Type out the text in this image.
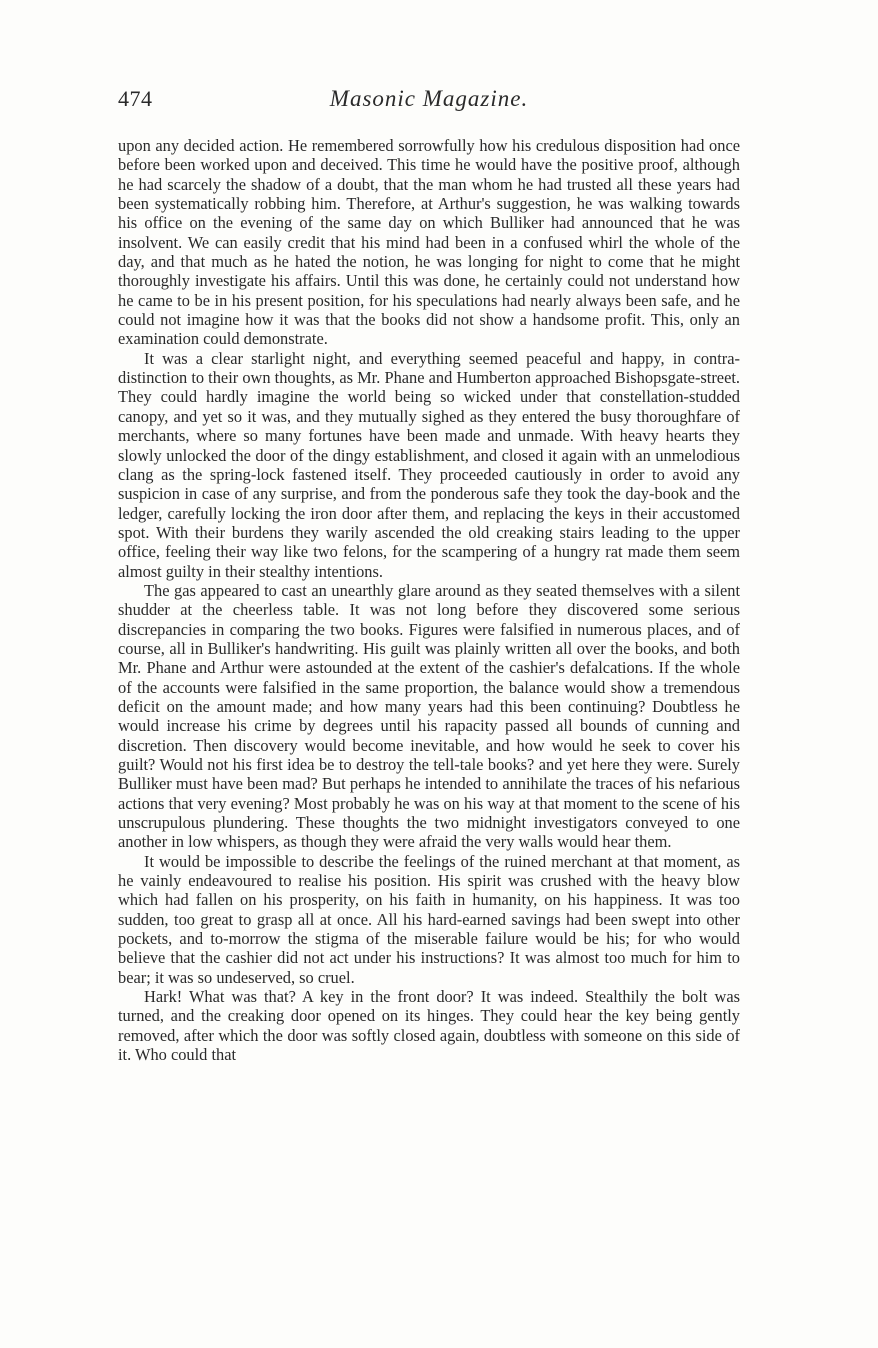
474	Masonic Magazine.

upon any decided action. He remembered sorrowfully how his credulous disposition had once before been worked upon and deceived. This time he would have the positive proof, although he had scarcely the shadow of a doubt, that the man whom he had trusted all these years had been systematically robbing him. Therefore, at Arthur's suggestion, he was walking towards his office on the evening of the same day on which Bulliker had announced that he was insolvent. We can easily credit that his mind had been in a confused whirl the whole of the day, and that much as he hated the notion, he was longing for night to come that he might thoroughly investigate his affairs. Until this was done, he certainly could not understand how he came to be in his present position, for his speculations had nearly always been safe, and he could not imagine how it was that the books did not show a handsome profit. This, only an examination could demonstrate.

It was a clear starlight night, and everything seemed peaceful and happy, in contra-distinction to their own thoughts, as Mr. Phane and Humberton approached Bishopsgate-street. They could hardly imagine the world being so wicked under that constellation-studded canopy, and yet so it was, and they mutually sighed as they entered the busy thoroughfare of merchants, where so many fortunes have been made and unmade. With heavy hearts they slowly unlocked the door of the dingy establishment, and closed it again with an unmelodious clang as the spring-lock fastened itself. They proceeded cautiously in order to avoid any suspicion in case of any surprise, and from the ponderous safe they took the day-book and the ledger, carefully locking the iron door after them, and replacing the keys in their accustomed spot. With their burdens they warily ascended the old creaking stairs leading to the upper office, feeling their way like two felons, for the scampering of a hungry rat made them seem almost guilty in their stealthy intentions.

The gas appeared to cast an unearthly glare around as they seated themselves with a silent shudder at the cheerless table. It was not long before they discovered some serious discrepancies in comparing the two books. Figures were falsified in numerous places, and of course, all in Bulliker's handwriting. His guilt was plainly written all over the books, and both Mr. Phane and Arthur were astounded at the extent of the cashier's defalcations. If the whole of the accounts were falsified in the same proportion, the balance would show a tremendous deficit on the amount made; and how many years had this been continuing? Doubtless he would increase his crime by degrees until his rapacity passed all bounds of cunning and discretion. Then discovery would become inevitable, and how would he seek to cover his guilt? Would not his first idea be to destroy the tell-tale books? and yet here they were. Surely Bulliker must have been mad? But perhaps he intended to annihilate the traces of his nefarious actions that very evening? Most probably he was on his way at that moment to the scene of his unscrupulous plundering. These thoughts the two midnight investigators conveyed to one another in low whispers, as though they were afraid the very walls would hear them.

It would be impossible to describe the feelings of the ruined merchant at that moment, as he vainly endeavoured to realise his position. His spirit was crushed with the heavy blow which had fallen on his prosperity, on his faith in humanity, on his happiness. It was too sudden, too great to grasp all at once. All his hard-earned savings had been swept into other pockets, and to-morrow the stigma of the miserable failure would be his; for who would believe that the cashier did not act under his instructions? It was almost too much for him to bear; it was so undeserved, so cruel.

Hark! What was that? A key in the front door? It was indeed. Stealthily the bolt was turned, and the creaking door opened on its hinges. They could hear the key being gently removed, after which the door was softly closed again, doubtless with someone on this side of it. Who could that
